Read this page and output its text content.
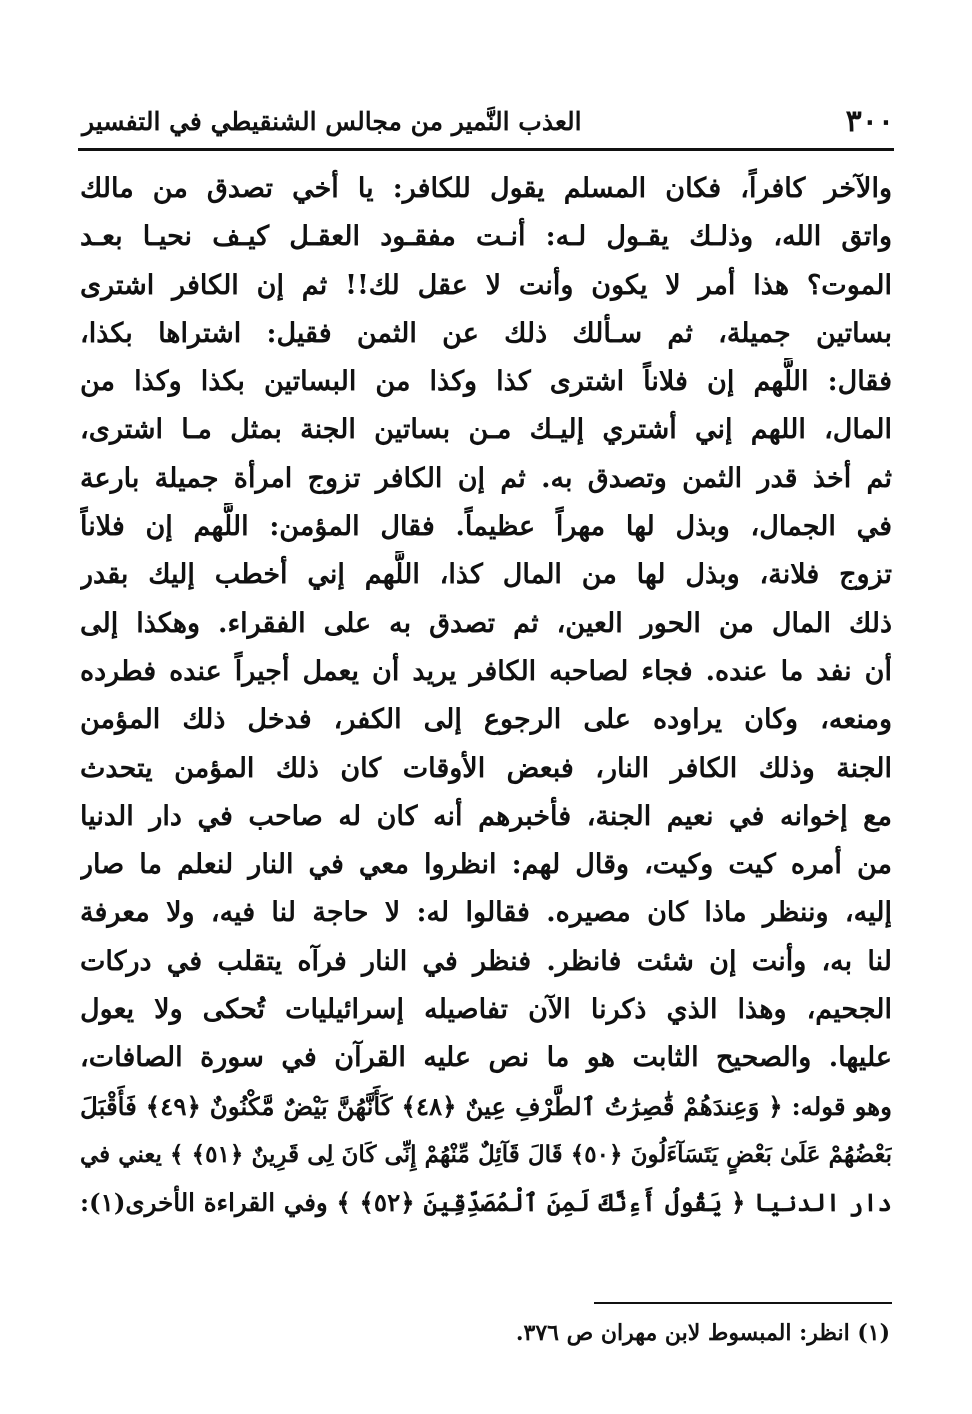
٣٠٠
العذب النَّمير من مجالس الشنقيطي في التفسير
والآخر كافراً، فكان المسلم يقول للكافر: يا أخي تصدق من مالك
واتق الله، وذلـك يقـول لـه: أنـت مفقـود العقـل كيـف نحيـا بعـد
الموت؟ هذا أمر لا يكون وأنت لا عقل لك!! ثم إن الكافر اشترى
بساتين جميلة، ثم سـألك ذلك عن الثمن فقيل: اشتراها بكذا،
فقال: اللَّهم إن فلاناً اشترى كذا وكذا من البساتين بكذا وكذا من
المال، اللهم إني أشتري إليـك مـن بساتين الجنة بمثل مـا اشترى،
ثم أخذ قدر الثمن وتصدق به. ثم إن الكافر تزوج امرأة جميلة بارعة
في الجمال، وبذل لها مهراً عظيماً. فقال المؤمن: اللَّهم إن فلاناً
تزوج فلانة، وبذل لها من المال كذا، اللَّهم إني أخطب إليك بقدر
ذلك المال من الحور العين، ثم تصدق به على الفقراء. وهكذا إلى
أن نفد ما عنده. فجاء لصاحبه الكافر يريد أن يعمل أجيراً عنده فطرده
ومنعه، وكان يراوده على الرجوع إلى الكفر، فدخل ذلك المؤمن
الجنة وذلك الكافر النار، فبعض الأوقات كان ذلك المؤمن يتحدث
مع إخوانه في نعيم الجنة، فأخبرهم أنه كان له صاحب في دار الدنيا
من أمره كيت وكيت، وقال لهم: انظروا معي في النار لنعلم ما صار
إليه، وننظر ماذا كان مصيره. فقالوا له: لا حاجة لنا فيه، ولا معرفة
لنا به، وأنت إن شئت فانظر. فنظر في النار فرآه يتقلب في دركات
الجحيم، وهذا الذي ذكرنا الآن تفاصيله إسرائيليات تُحكى ولا يعول
عليها. والصحيح الثابت هو ما نص عليه القرآن في سورة الصافات،
وهو قوله: ﴿ وَعِندَهُمْ قَٰصِرَٰتُ ٱلطَّرْفِ عِينٌ ﴿٤٨﴾ كَأَنَّهُنَّ بَيْضٌ مَّكْنُونٌ ﴿٤٩﴾ فَأَقْبَلَ
بَعْضُهُمْ عَلَىٰ بَعْضٍ يَتَسَآءَلُونَ ﴿٥٠﴾ قَالَ قَآئِلٌ مِّنْهُمْ إِنِّى كَانَ لِى قَرِينٌ ﴿٥١﴾ ﴾ يعني في
دار الدنيا ﴿ يَقُولُ أَءِنَّكَ لَمِنَ ٱلْمُصَدِّقِينَ ﴿٥٢﴾ ﴾ وفي القراءة الأخرى(١):
(١) انظر: المبسوط لابن مهران ص ٣٧٦.
